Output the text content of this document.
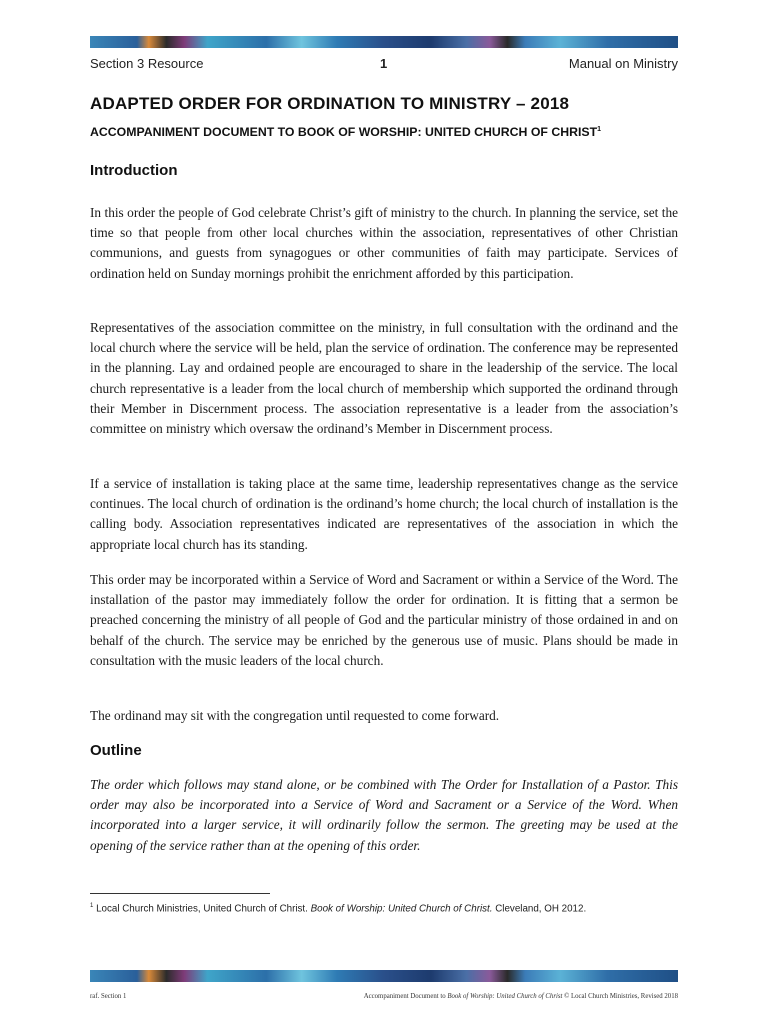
Section 3 Resource	1	Manual on Ministry
ADAPTED ORDER FOR ORDINATION TO MINISTRY – 2018
ACCOMPANIMENT DOCUMENT TO BOOK OF WORSHIP: UNITED CHURCH OF CHRIST$^1$
Introduction

In this order the people of God celebrate Christ’s gift of ministry to the church. In planning the service, set the time so that people from other local churches within the association, representatives of other Christian communions, and guests from synagogues or other communities of faith may participate. Services of ordination held on Sunday mornings prohibit the enrichment afforded by this participation.

Representatives of the association committee on the ministry, in full consultation with the ordinand and the local church where the service will be held, plan the service of ordination. The conference may be represented in the planning. Lay and ordained people are encouraged to share in the leadership of the service. The local church representative is a leader from the local church of membership which supported the ordinand through their Member in Discernment process. The association representative is a leader from the association’s committee on ministry which oversaw the ordinand’s Member in Discernment process.

If a service of installation is taking place at the same time, leadership representatives change as the service continues. The local church of ordination is the ordinand’s home church; the local church of installation is the calling body. Association representatives indicated are representatives of the association in which the appropriate local church has its standing.

This order may be incorporated within a Service of Word and Sacrament or within a Service of the Word. The installation of the pastor may immediately follow the order for ordination. It is fitting that a sermon be preached concerning the ministry of all people of God and the particular ministry of those ordained in and on behalf of the church. The service may be enriched by the generous use of music. Plans should be made in consultation with the music leaders of the local church.

The ordinand may sit with the congregation until requested to come forward.

Outline

The order which follows may stand alone, or be combined with The Order for Installation of a Pastor. This order may also be incorporated into a Service of Word and Sacrament or a Service of the Word. When incorporated into a larger service, it will ordinarily follow the sermon. The greeting may be used at the opening of the service rather than at the opening of this order.

$^1$ Local Church Ministries, United Church of Christ. Book of Worship: United Church of Christ. Cleveland, OH 2012.
raf. Section 1	Accompaniment Document to Book of Worship: United Church of Christ © Local Church Ministries, Revised 2018
